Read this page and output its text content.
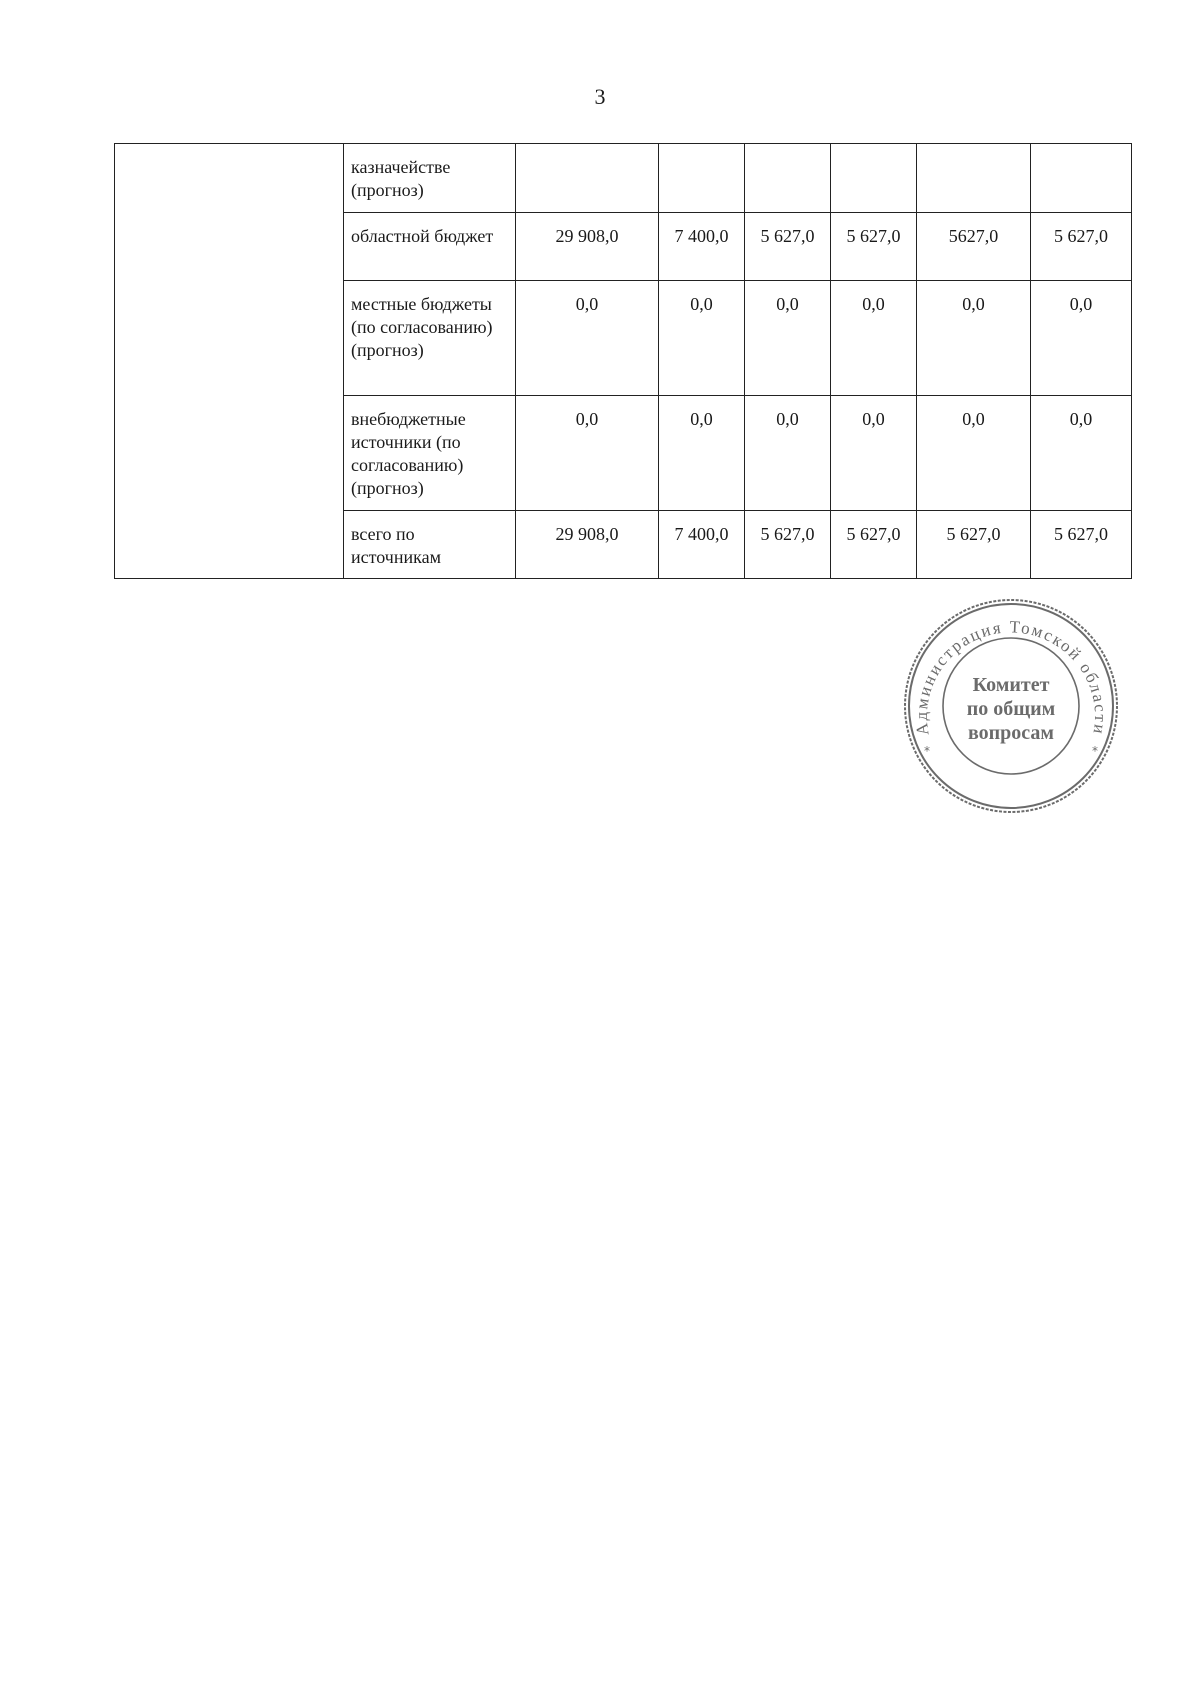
3
	казначействе (прогноз)						
	областной бюджет	29 908,0	7 400,0	5 627,0	5 627,0	5627,0	5 627,0
	местные бюджеты (по согласованию) (прогноз)	0,0	0,0	0,0	0,0	0,0	0,0
	внебюджетные источники (по согласованию) (прогноз)	0,0	0,0	0,0	0,0	0,0	0,0
	всего по источникам	29 908,0	7 400,0	5 627,0	5 627,0	5 627,0	5 627,0
Администрация Томской области
Комитет
по общим
вопросам
*	*
